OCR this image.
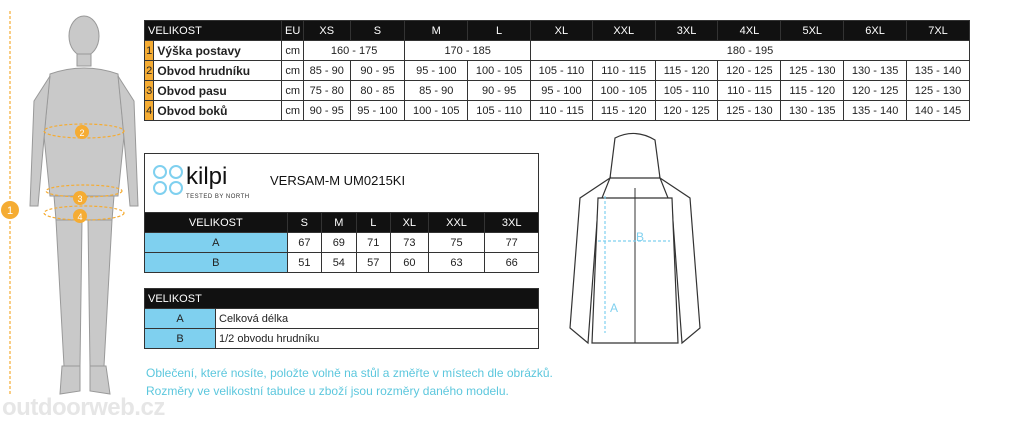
1
2
3
4
VELIKOST		EU	XS	S	M	L	XL	XXL	3XL	4XL	5XL	6XL	7XL
1	Výška postavy	cm	160 - 175		170 - 185		180 - 195						
2	Obvod hrudníku	cm	85 - 90	90 - 95	95 - 100	100 - 105	105 - 110	110 - 115	115 - 120	120 - 125	125 - 130	130 - 135	135 - 140
3	Obvod pasu	cm	75 - 80	80 - 85	85 - 90	90 - 95	95 - 100	100 - 105	105 - 110	110 - 115	115 - 120	120 - 125	125 - 130
4	Obvod boků	cm	90 - 95	95 - 100	100 - 105	105 - 110	110 - 115	115 - 120	120 - 125	125 - 130	130 - 135	135 - 140	140 - 145
kilpi
TESTED BY NORTH
VERSAM-M UM0215KI
VELIKOST	S	M	L	XL	XXL	3XL
A	67	69	71	73	75	77
B	51	54	57	60	63	66
VELIKOST	
A	Celková délka
B	1/2 obvodu hrudníku
A
B
Oblečení, které nosíte, položte volně na stůl a změřte v místech dle obrázků.
Rozměry ve velikostní tabulce u zboží jsou rozměry daného modelu.
outdoorweb.cz
